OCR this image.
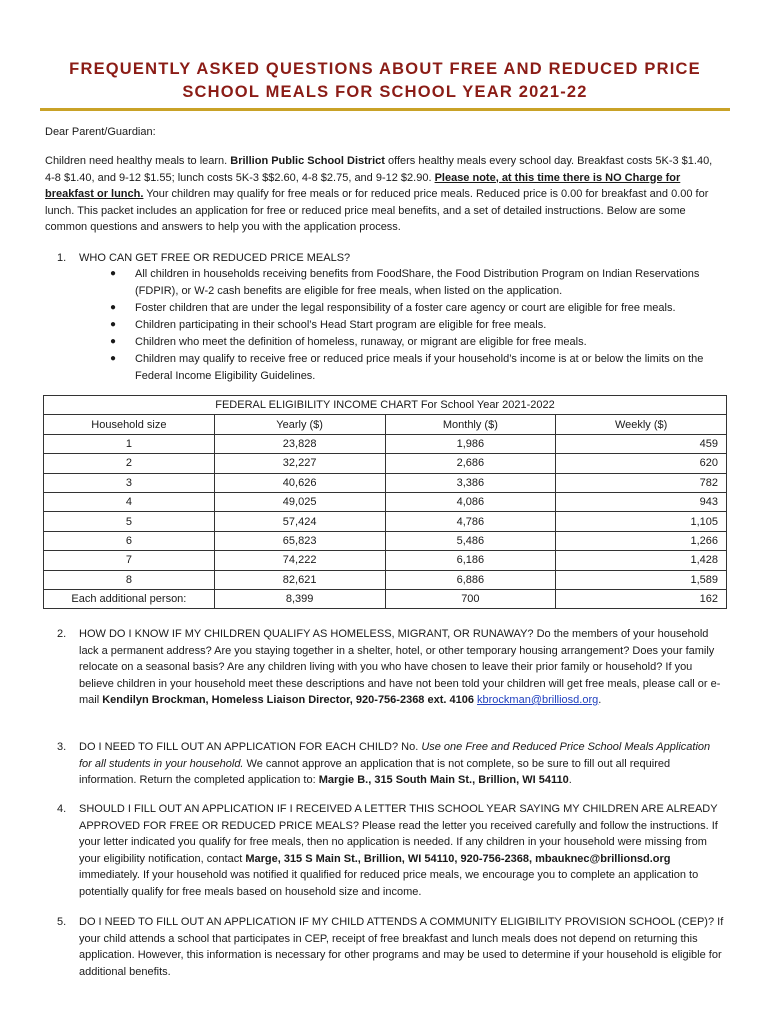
FREQUENTLY ASKED QUESTIONS ABOUT FREE AND REDUCED PRICE
SCHOOL MEALS FOR SCHOOL YEAR 2021-22
Dear Parent/Guardian:
Children need healthy meals to learn. Brillion Public School District offers healthy meals every school day. Breakfast costs 5K-3 $1.40, 4-8 $1.40, and 9-12 $1.55; lunch costs 5K-3 $$2.60, 4-8 $2.75, and 9-12 $2.90. Please note, at this time there is NO Charge for breakfast or lunch. Your children may qualify for free meals or for reduced price meals. Reduced price is 0.00 for breakfast and 0.00 for lunch. This packet includes an application for free or reduced price meal benefits, and a set of detailed instructions. Below are some common questions and answers to help you with the application process.
1. WHO CAN GET FREE OR REDUCED PRICE MEALS?
● All children in households receiving benefits from FoodShare, the Food Distribution Program on Indian Reservations (FDPIR), or W-2 cash benefits are eligible for free meals, when listed on the application.
● Foster children that are under the legal responsibility of a foster care agency or court are eligible for free meals.
● Children participating in their school’s Head Start program are eligible for free meals.
● Children who meet the definition of homeless, runaway, or migrant are eligible for free meals.
● Children may qualify to receive free or reduced price meals if your household’s income is at or below the limits on the Federal Income Eligibility Guidelines.
FEDERAL ELIGIBILITY INCOME CHART For School Year 2021-2022			
Household size	Yearly ($)	Monthly ($)	Weekly ($)
1	23,828	1,986	459
2	32,227	2,686	620
3	40,626	3,386	782
4	49,025	4,086	943
5	57,424	4,786	1,105
6	65,823	5,486	1,266
7	74,222	6,186	1,428
8	82,621	6,886	1,589
Each additional person:	8,399	700	162
2. HOW DO I KNOW IF MY CHILDREN QUALIFY AS HOMELESS, MIGRANT, OR RUNAWAY? Do the members of your household lack a permanent address? Are you staying together in a shelter, hotel, or other temporary housing arrangement? Does your family relocate on a seasonal basis? Are any children living with you who have chosen to leave their prior family or household? If you believe children in your household meet these descriptions and have not been told your children will get free meals, please call or e-mail Kendilyn Brockman, Homeless Liaison Director, 920-756-2368 ext. 4106 kbrockman@brilliosd.org.
3. DO I NEED TO FILL OUT AN APPLICATION FOR EACH CHILD? No. Use one Free and Reduced Price School Meals Application for all students in your household. We cannot approve an application that is not complete, so be sure to fill out all required information. Return the completed application to: Margie B., 315 South Main St., Brillion, WI 54110.
4. SHOULD I FILL OUT AN APPLICATION IF I RECEIVED A LETTER THIS SCHOOL YEAR SAYING MY CHILDREN ARE ALREADY APPROVED FOR FREE OR REDUCED PRICE MEALS? Please read the letter you received carefully and follow the instructions. If your letter indicated you qualify for free meals, then no application is needed. If any children in your household were missing from your eligibility notification, contact Marge, 315 S Main St., Brillion, WI 54110, 920-756-2368, mbauknec@brillionsd.org immediately. If your household was notified it qualified for reduced price meals, we encourage you to complete an application to potentially qualify for free meals based on household size and income.
5. DO I NEED TO FILL OUT AN APPLICATION IF MY CHILD ATTENDS A COMMUNITY ELIGIBILITY PROVISION SCHOOL (CEP)? If your child attends a school that participates in CEP, receipt of free breakfast and lunch meals does not depend on returning this application. However, this information is necessary for other programs and may be used to determine if your household is eligible for additional benefits.
